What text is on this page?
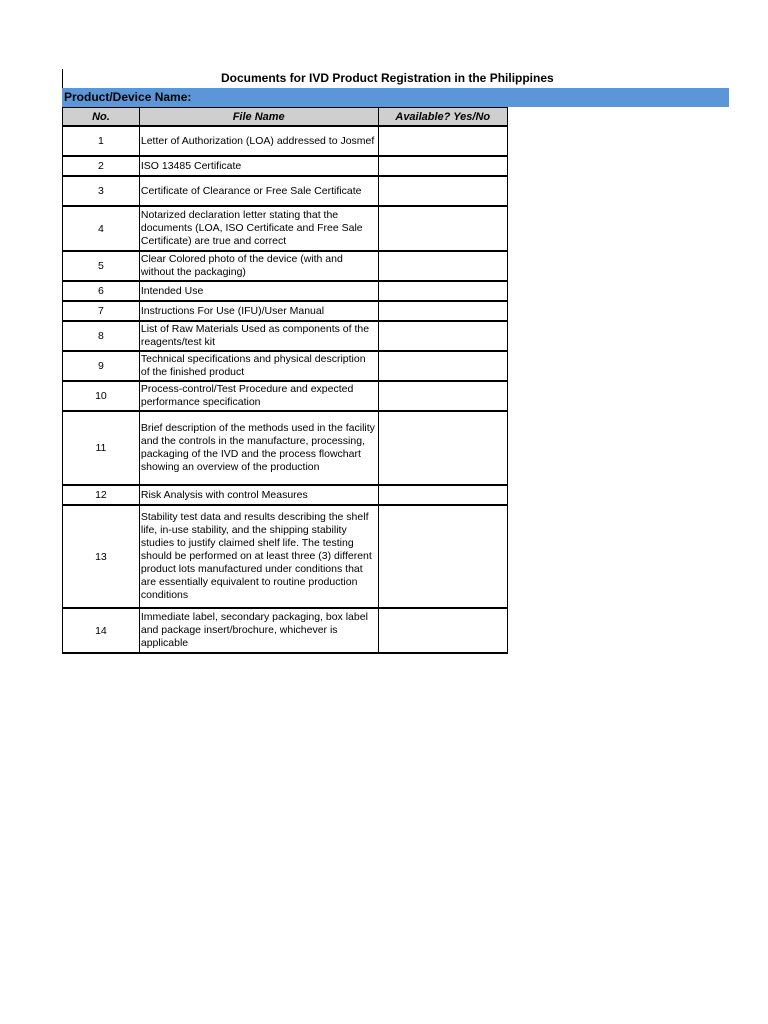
Documents for IVD Product Registration in the Philippines
Product/Device Name:
No.	File Name	Available? Yes/No
1	Letter of Authorization (LOA) addressed to Josmef	
2	ISO 13485 Certificate	
3	Certificate of Clearance or Free Sale Certificate	
4	Notarized declaration letter stating that the documents (LOA, ISO Certificate and Free Sale Certificate) are true and correct	
5	Clear Colored photo of the device (with and without the packaging)	
6	Intended Use	
7	Instructions For Use (IFU)/User Manual	
8	List of Raw Materials Used as components of the reagents/test kit	
9	Technical specifications and physical description of the finished product	
10	Process-control/Test Procedure and expected performance specification	
11	Brief description of the methods used in the facility and the controls in the manufacture, processing, packaging of the IVD and the process flowchart showing an overview of the production	
12	Risk Analysis with control Measures	
13	Stability test data and results describing the shelf life, in-use stability, and the shipping stability studies to justify claimed shelf life. The testing should be performed on at least three (3) different product lots manufactured under conditions that are essentially equivalent to routine production conditions	
14	Immediate label, secondary packaging, box label and package insert/brochure, whichever is applicable	
